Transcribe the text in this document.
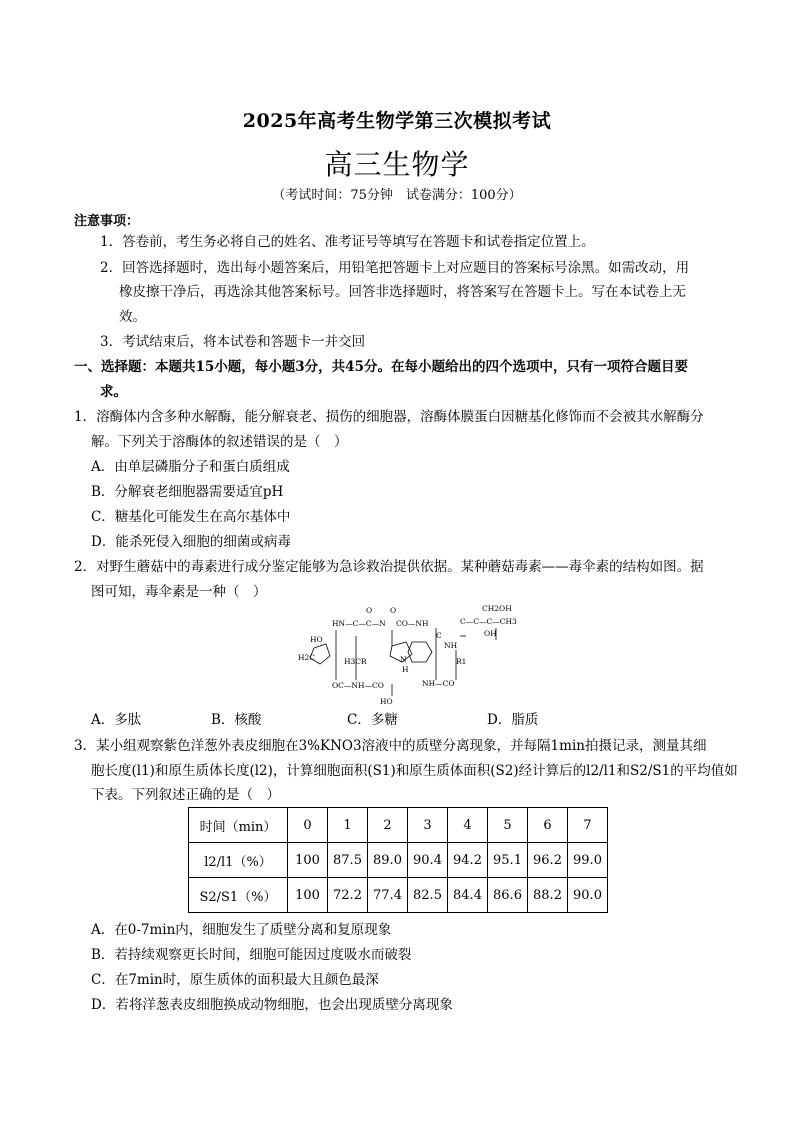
2025年高考生物学第三次模拟考试
高三生物学
（考试时间：75分钟　试卷满分：100分）
注意事项：
1．答卷前，考生务必将自己的姓名、准考证号等填写在答题卡和试卷指定位置上。
2．回答选择题时，选出每小题答案后，用铅笔把答题卡上对应题目的答案标号涂黑。如需改动，用
橡皮擦干净后，再选涂其他答案标号。回答非选择题时，将答案写在答题卡上。写在本试卷上无
效。
3．考试结束后，将本试卷和答题卡一并交回
一、选择题：本题共15小题，每小题3分，共45分。在每小题给出的四个选项中，只有一项符合题目要
求。
1．溶酶体内含多种水解酶，能分解衰老、损伤的细胞器，溶酶体膜蛋白因糖基化修饰而不会被其水解酶分
解。下列关于溶酶体的叙述错误的是（　）
A．由单层磷脂分子和蛋白质组成
B．分解衰老细胞器需要适宜pH
C．糖基化可能发生在高尔基体中
D．能杀死侵入细胞的细菌或病毒
2．对野生蘑菇中的毒素进行成分鉴定能够为急诊救治提供依据。某种蘑菇毒素——毒伞素的结构如图。据
图可知，毒伞素是一种（　）
O O	CH2OH
HN—C—C—N	C—C—C—CH3
CO—NH
HO
OH
C
NH
H2C	N
H3CR
H
R1
OC—NH—CO	NH—CO
HO
A．多肽	B．核酸	C．多糖	D．脂质
3．某小组观察紫色洋葱外表皮细胞在3%KNO3溶液中的质壁分离现象，并每隔1min拍摄记录，测量其细
胞长度(l1)和原生质体长度(l2)，计算细胞面积(S1)和原生质体面积(S2)经计算后的l2/l1和S2/S1的平均值如
下表。下列叙述正确的是（　）
时间（min）	0	1	2	3	4	5	6	7
l2/l1（%）	100	87.5	89.0	90.4	94.2	95.1	96.2	99.0
S2/S1（%）	100	72.2	77.4	82.5	84.4	86.6	88.2	90.0
A．在0-7min内，细胞发生了质壁分离和复原现象
B．若持续观察更长时间，细胞可能因过度吸水而破裂
C．在7min时，原生质体的面积最大且颜色最深
D．若将洋葱表皮细胞换成动物细胞，也会出现质壁分离现象
